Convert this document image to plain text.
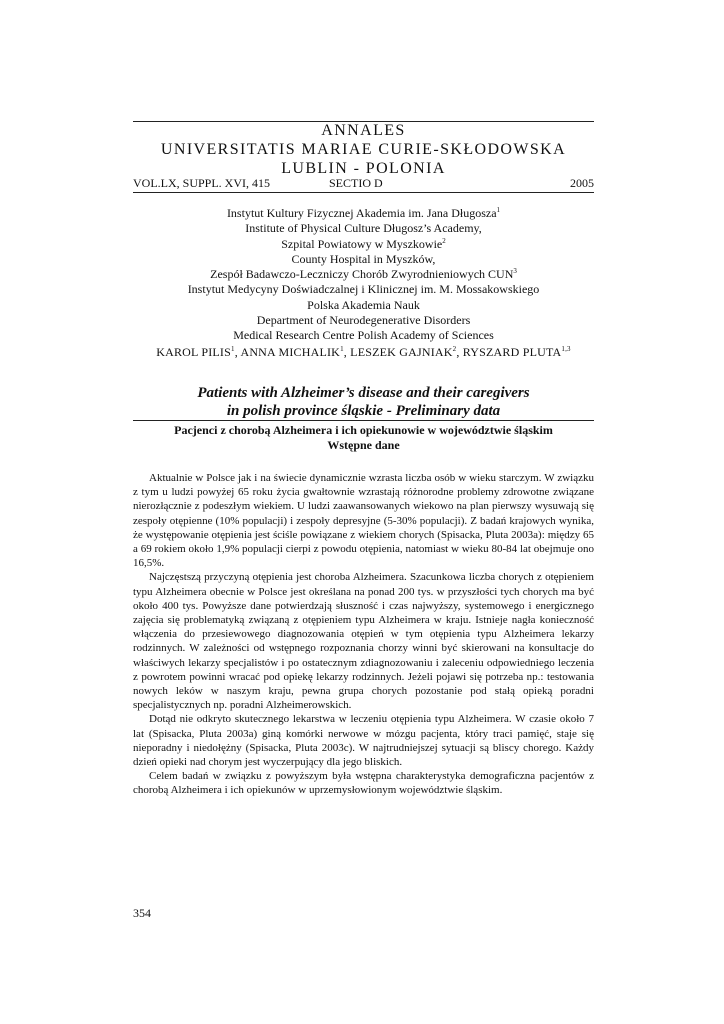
ANNALES
UNIVERSITATIS MARIAE CURIE-SKŁODOWSKA
LUBLIN - POLONIA
VOL.LX, SUPPL. XVI, 415	SECTIO D	2005
Instytut Kultury Fizycznej Akademia im. Jana Długosza$^1$
Institute of Physical Culture Długosz’s Academy,
Szpital Powiatowy w Myszkowie$^2$
County Hospital in Myszków,
Zespół Badawczo-Leczniczy Chorób Zwyrodnieniowych CUN$^3$
Instytut Medycyny Doświadczalnej i Klinicznej im. M. Mossakowskiego
Polska Akademia Nauk
Department of Neurodegenerative Disorders
Medical Research Centre Polish Academy of Sciences
KAROL PILIS$^1$, ANNA MICHALIK$^1$, LESZEK GAJNIAK$^2$, RYSZARD PLUTA$^{1,3}$
Patients with Alzheimer’s disease and their caregivers
in polish province śląskie - Preliminary data
Pacjenci z chorobą Alzheimera i ich opiekunowie w województwie śląskim
Wstępne dane

Aktualnie w Polsce jak i na świecie dynamicznie wzrasta liczba osób w wieku starczym. W związku z tym u ludzi powyżej 65 roku życia gwałtownie wzrastają różnorodne problemy zdrowotne związane nierozłącznie z podeszłym wiekiem. U ludzi zaawansowanych wiekowo na plan pierwszy wysuwają się zespoły otępienne (10% populacji) i zespoły depresyjne (5-30% populacji). Z badań krajowych wynika, że występowanie otępienia jest ściśle powiązane z wiekiem chorych (Spisacka, Pluta 2003a): między 65 a 69 rokiem około 1,9% populacji cierpi z powodu otępienia, natomiast w wieku 80-84 lat obejmuje ono 16,5%.

Najczęstszą przyczyną otępienia jest choroba Alzheimera. Szacunkowa liczba chorych z otępieniem typu Alzheimera obecnie w Polsce jest określana na ponad 200 tys. w przyszłości tych chorych ma być około 400 tys. Powyższe dane potwierdzają słuszność i czas najwyższy, systemowego i energicznego zajęcia się problematyką związaną z otępieniem typu Alzheimera w kraju. Istnieje nagła konieczność włączenia do przesiewowego diagnozowania otępień w tym otępienia typu Alzheimera lekarzy rodzinnych. W zależności od wstępnego rozpoznania chorzy winni być skierowani na konsultacje do właściwych lekarzy specjalistów i po ostatecznym zdiagnozowaniu i zaleceniu odpowiedniego leczenia z powrotem powinni wracać pod opiekę lekarzy rodzinnych. Jeżeli pojawi się potrzeba np.: testowania nowych leków w naszym kraju, pewna grupa chorych pozostanie pod stałą opieką poradni specjalistycznych np. poradni Alzheimerowskich.

Dotąd nie odkryto skutecznego lekarstwa w leczeniu otępienia typu Alzheimera. W czasie około 7 lat (Spisacka, Pluta 2003a) giną komórki nerwowe w mózgu pacjenta, który traci pamięć, staje się nieporadny i niedołężny (Spisacka, Pluta 2003c). W najtrudniejszej sytuacji są bliscy chorego. Każdy dzień opieki nad chorym jest wyczerpujący dla jego bliskich.

Celem badań w związku z powyższym była wstępna charakterystyka demograficzna pacjentów z chorobą Alzheimera i ich opiekunów w uprzemysłowionym województwie śląskim.

354
